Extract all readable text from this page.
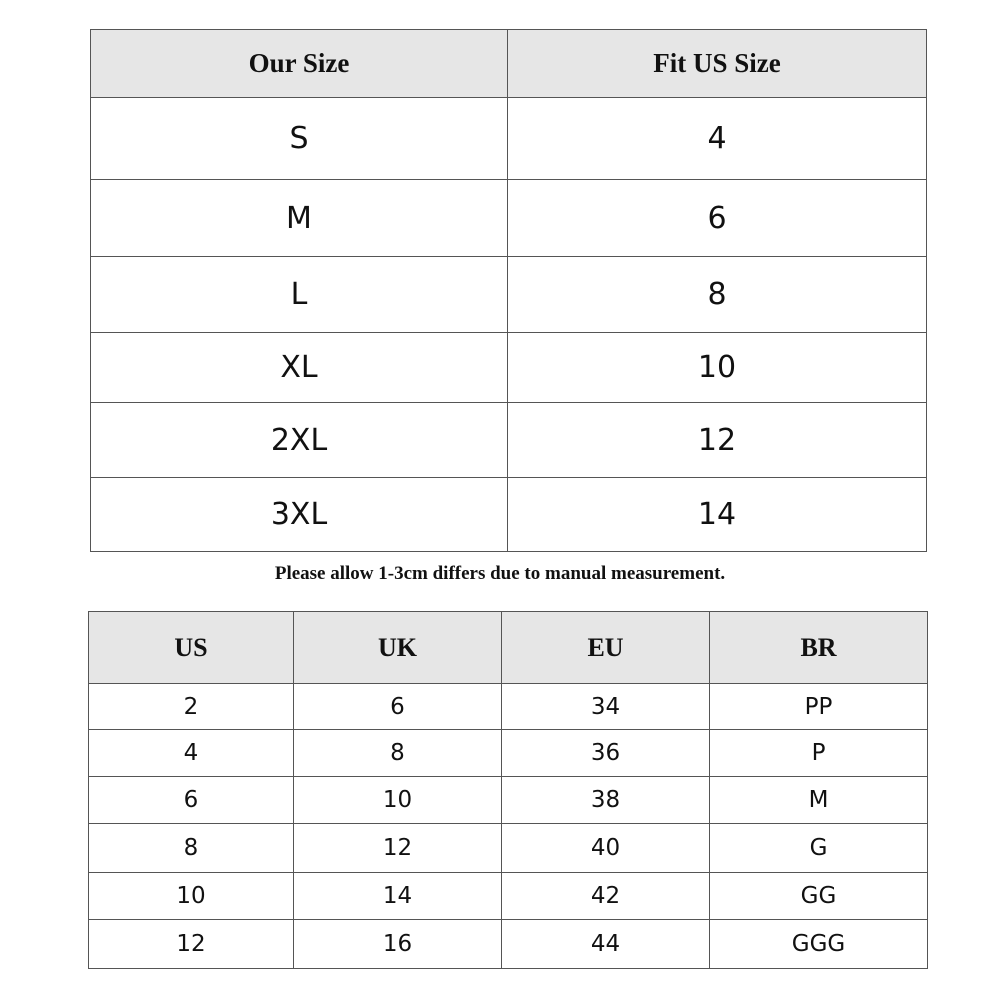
Our Size	Fit US Size
S	4
M	6
L	8
XL	10
2XL	12
3XL	14
Please allow 1-3cm differs due to manual measurement.
US	UK	EU	BR
2	6	34	PP
4	8	36	P
6	10	38	M
8	12	40	G
10	14	42	GG
12	16	44	GGG
